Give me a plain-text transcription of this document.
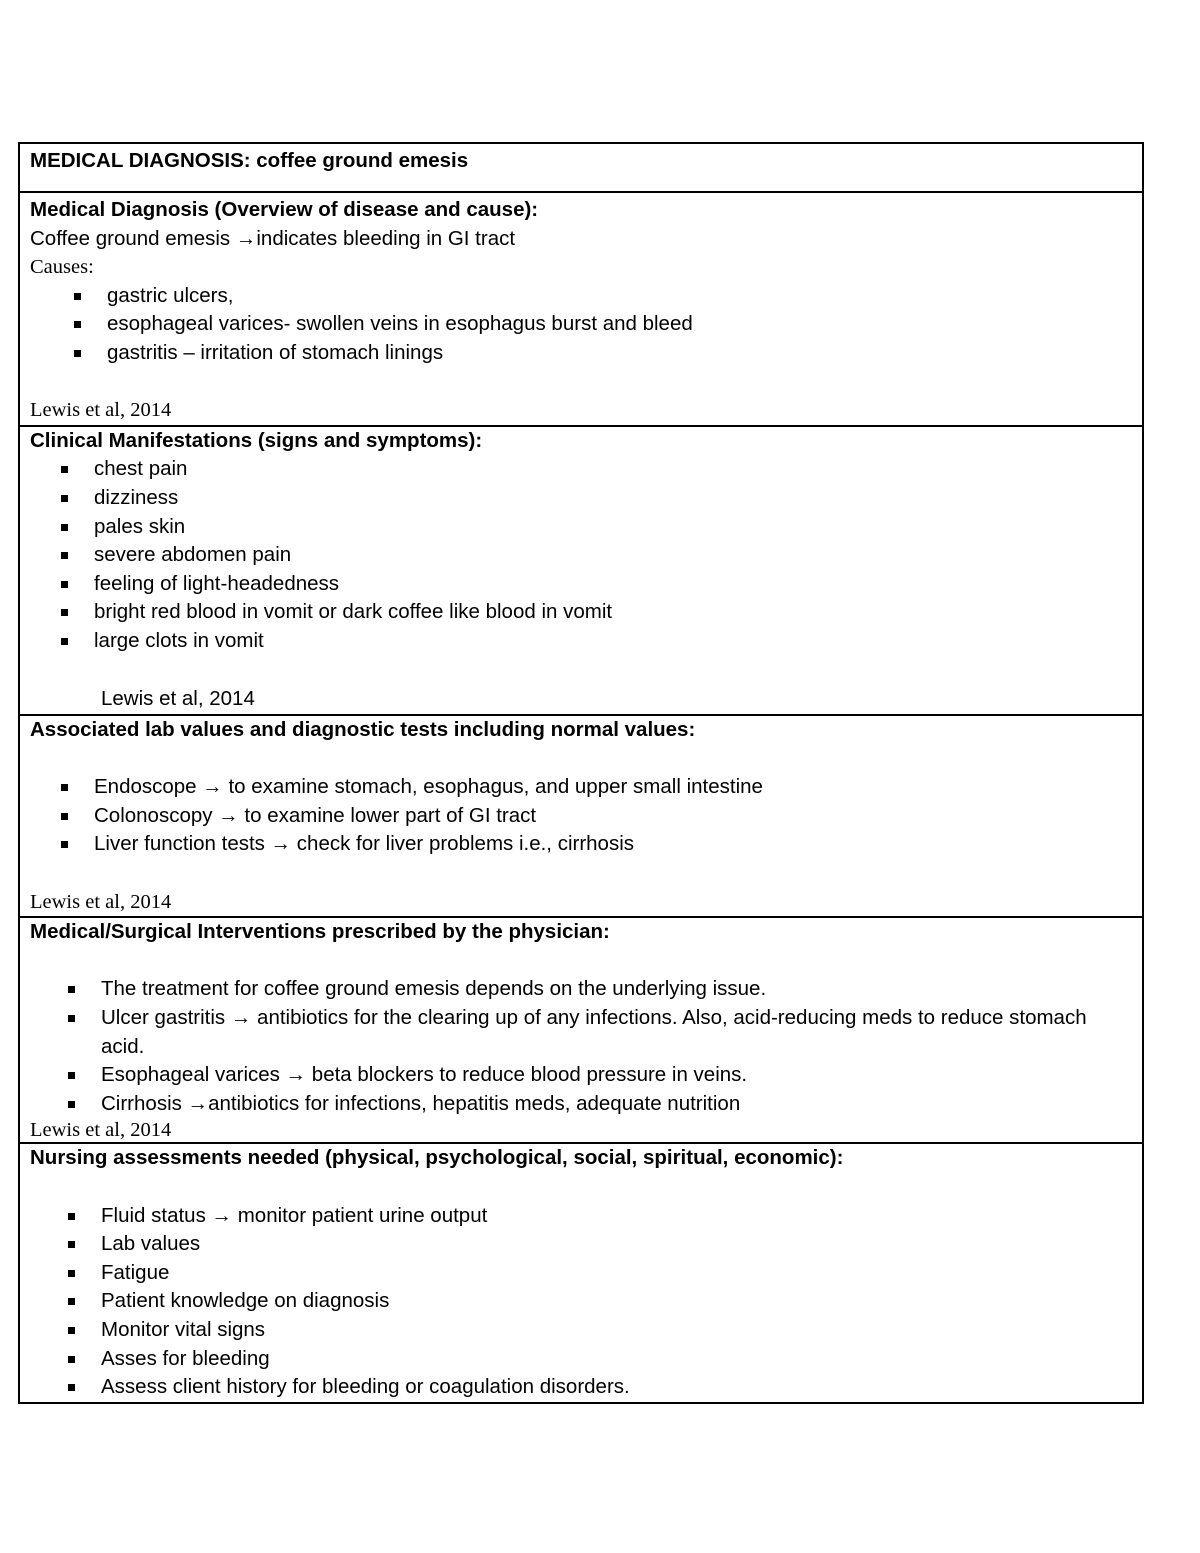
MEDICAL DIAGNOSIS: coffee ground emesis

Medical Diagnosis (Overview of disease and cause):
Coffee ground emesis →indicates bleeding in GI tract
Causes:
gastric ulcers,
esophageal varices- swollen veins in esophagus burst and bleed
gastritis – irritation of stomach linings
Lewis et al, 2014

Clinical Manifestations (signs and symptoms):
chest pain
dizziness
pales skin
severe abdomen pain
feeling of light-headedness
bright red blood in vomit or dark coffee like blood in vomit
large clots in vomit
Lewis et al, 2014

Associated lab values and diagnostic tests including normal values:
Endoscope → to examine stomach, esophagus, and upper small intestine
Colonoscopy → to examine lower part of GI tract
Liver function tests → check for liver problems i.e., cirrhosis
Lewis et al, 2014

Medical/Surgical Interventions prescribed by the physician:
The treatment for coffee ground emesis depends on the underlying issue.
Ulcer gastritis → antibiotics for the clearing up of any infections. Also, acid-reducing meds to reduce stomach acid.
Esophageal varices → beta blockers to reduce blood pressure in veins.
Cirrhosis →antibiotics for infections, hepatitis meds, adequate nutrition
Lewis et al, 2014

Nursing assessments needed (physical, psychological, social, spiritual, economic):
Fluid status → monitor patient urine output
Lab values
Fatigue
Patient knowledge on diagnosis
Monitor vital signs
Asses for bleeding
Assess client history for bleeding or coagulation disorders.
